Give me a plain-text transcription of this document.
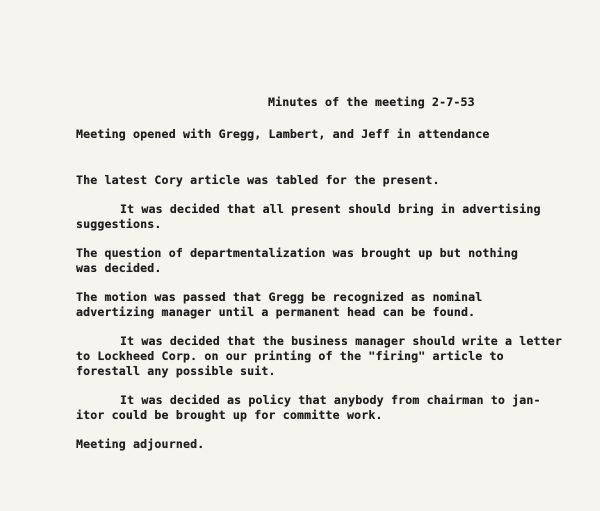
Minutes of the meeting 2-7-53
Meeting opened with Gregg, Lambert, and Jeff in attendance
The latest Cory article was tabled for the present.
It was decided that all present should bring in advertising
suggestions.
The question of departmentalization was brought up but nothing
was decided.
The motion was passed that Gregg be recognized as nominal
advertizing manager until a permanent head can be found.
It was decided that the business manager should write a letter
to Lockheed Corp. on our printing of the "firing" article to
forestall any possible suit.
It was decided as policy that anybody from chairman to jan-
itor could be brought up for committe work.
Meeting adjourned.
